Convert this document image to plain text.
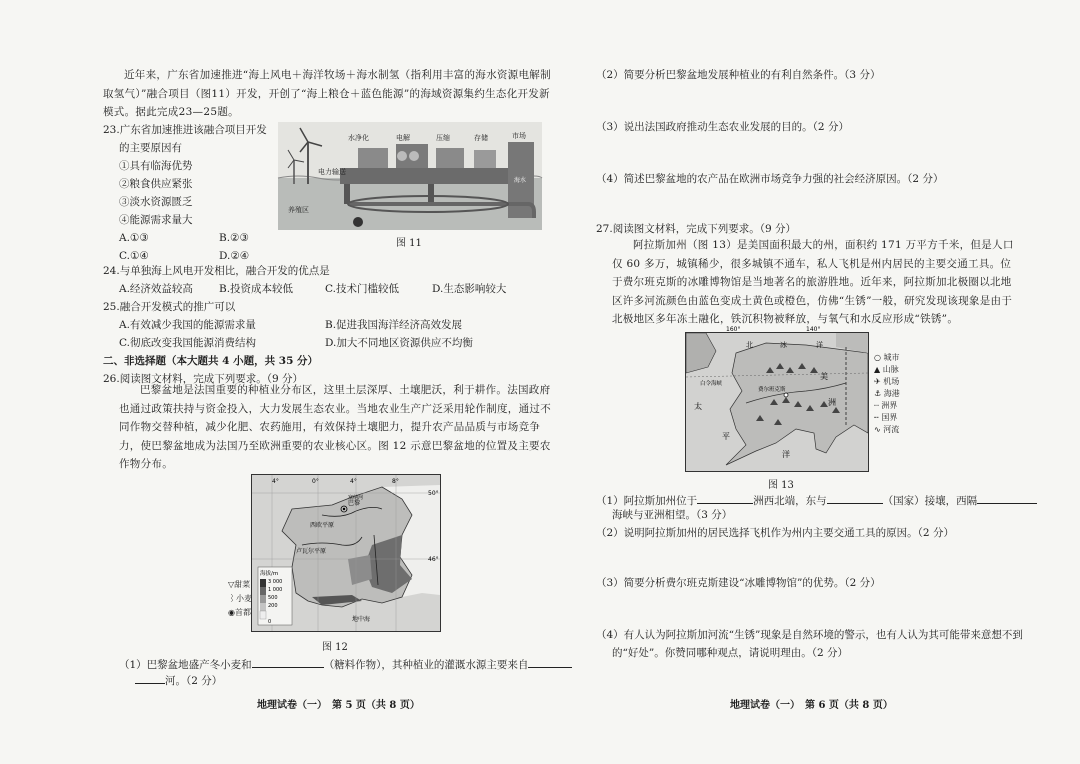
近年来，广东省加速推进“海上风电＋海洋牧场＋海水制氢（指利用丰富的海水资源电解制取氢气）”融合项目（图11）开发，开创了“海上粮仓＋蓝色能源”的海域资源集约生态化开发新模式。据此完成23—25题。
23.广东省加速推进该融合项目开发
的主要原因有
①具有临海优势
②粮食供应紧张
③淡水资源匮乏
④能源需求量大
A.①③	B.②③
C.①④	D.②④
水净化	电解	压缩	存储	市场
电力输送
养殖区
海水
图 11
24.与单独海上风电开发相比，融合开发的优点是
A.经济效益较高 B.投资成本较低	C.技术门槛较低	D.生态影响较大
25.融合开发模式的推广可以
A.有效减少我国的能源需求量	B.促进我国海洋经济高效发展
C.彻底改变我国能源消费结构	D.加大不同地区资源供应不均衡
二、非选择题（本大题共 4 小题，共 35 分）
26.阅读图文材料，完成下列要求。（9 分）
巴黎盆地是法国重要的种植业分布区，这里土层深厚、土壤肥沃，利于耕作。法国政府也通过政策扶持与资金投入，大力发展生态农业。当地农业生产广泛采用轮作制度，通过不同作物交替种植，减少化肥、农药施用，有效保持土壤肥力，提升农产品品质与市场竞争力，使巴黎盆地成为法国乃至欧洲重要的农业核心区。图 12 示意巴黎盆地的位置及主要农作物分布。
4°	0°	4°	8°
50°
46°
巴黎
塞纳河
西欧平原
卢瓦尔平原
地中海
海拔/m
3 000
1 000
500
200
0
▽甜菜
⌇小麦
◉首都
图 12
（1）巴黎盆地盛产冬小麦和	（糖料作物），其种植业的灌溉水源主要来自
河。（2 分）
地理试卷（一）　第 5 页（共 8 页）
（2）简要分析巴黎盆地发展种植业的有利自然条件。（3 分）
（3）说出法国政府推动生态农业发展的目的。（2 分）
（4）简述巴黎盆地的农产品在欧洲市场竞争力强的社会经济原因。（2 分）
27.阅读图文材料，完成下列要求。（9 分）
阿拉斯加州（图 13）是美国面积最大的州，面积约 171 万平方千米，但是人口仅 60 多万，城镇稀少，很多城镇不通车，私人飞机是州内居民的主要交通工具。位于费尔班克斯的冰雕博物馆是当地著名的旅游胜地。近年来，阿拉斯加北极圈以北地区许多河流颜色由蓝色变成土黄色或橙色，仿佛“生锈”一般，研究发现该现象是由于北极地区多年冻土融化，铁沉积物被释放，与氧气和水反应形成“铁锈”。
160°	140°
北	冰	洋
美
洲
费尔班克斯
白令海峡
太
平
洋
○ 城市
▲ 山脉
✈ 机场
⚓ 海港
┈ 洲界
╌ 国界
∿ 河流
图 13
（1）阿拉斯加州位于	洲西北端，东与	（国家）接壤，西隔
海峡与亚洲相望。（3 分）
（2）说明阿拉斯加州的居民选择飞机作为州内主要交通工具的原因。（2 分）
（3）简要分析费尔班克斯建设“冰雕博物馆”的优势。（2 分）
（4）有人认为阿拉斯加河流“生锈”现象是自然环境的警示，也有人认为其可能带来意想不到
的“好处”。你赞同哪种观点，请说明理由。（2 分）
地理试卷（一）　第 6 页（共 8 页）
